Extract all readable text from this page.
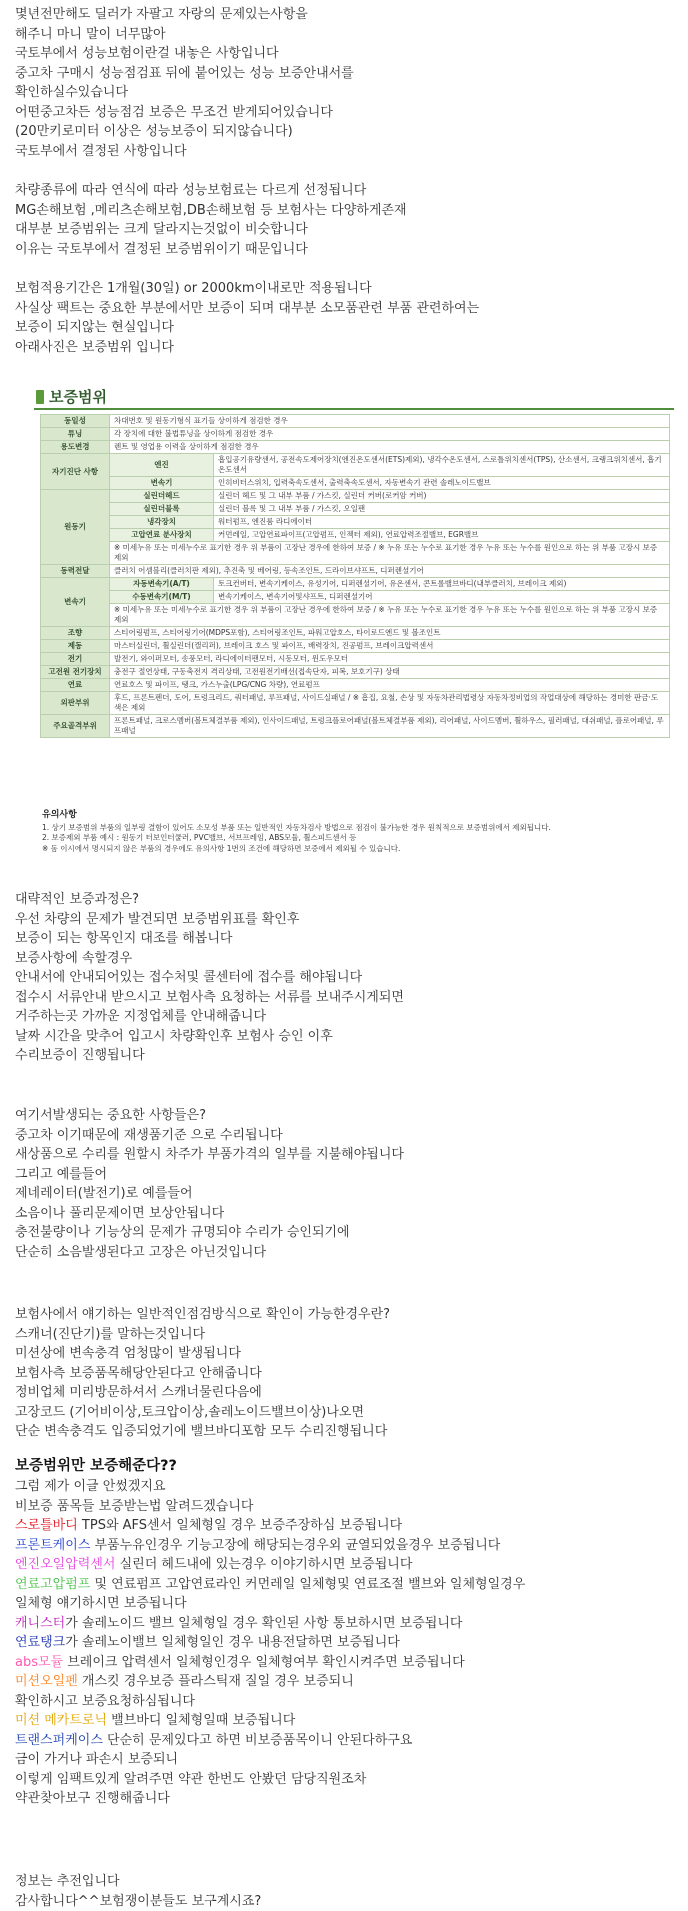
몇년전만해도 딜러가 자팔고 자랑의 문제있는사항을
해주니 마니 말이 너무많아
국토부에서 성능보험이란걸 내놓은 사항입니다
중고차 구매시 성능점검표 뒤에 붙어있는 성능 보증안내서를
확인하실수있습니다
어떤중고차든 성능점검 보증은 무조건 받게되어있습니다
(20만키로미터 이상은 성능보증이 되지않습니다)
국토부에서 결정된 사항입니다
차량종류에 따라 연식에 따라 성능보험료는 다르게 선정됩니다
MG손해보험 ,메리츠손해보험,DB손해보험 등 보험사는 다양하게존재
대부분 보증범위는 크게 달라지는것없이 비슷합니다
이유는 국토부에서 결정된 보증범위이기 때문입니다
보험적용기간은 1개월(30일) or 2000km이내로만 적용됩니다
사실상 팩트는 중요한 부분에서만 보증이 되며 대부분 소모품관련 부품 관련하여는
보증이 되지않는 현실입니다
아래사진은 보증범위 입니다
보증범위
동일성	차대번호 및 원동기형식 표기들 상이하게 점검한 경우	
튜닝	각 장치에 대한 불법튜닝을 상이하게 점검한 경우	
용도변경	렌트 및 영업용 이력을 상이하게 점검한 경우	
자기진단 사항	엔진	흡입공기유량센서, 공전속도제어장치(엔진온도센서(ETS)제외), 냉각수온도센서, 스로틀위치센서(TPS), 산소센서, 크랭크위치센서, 흡기온도센서
	변속기	인히비터스위치, 입력축속도센서, 출력축속도센서, 자동변속기 관련 솔레노이드밸브
원동기	실린더헤드	실린더 헤드 및 그 내부 부품 / 가스킷, 실린더 커버(로커암 커버)
	실린더블록	실린더 블록 및 그 내부 부품 / 가스킷, 오일팬
	냉각장치	워터펌프, 엔진룸 라디에이터
	고압연료 분사장치	커먼레일, 고압연료파이프(고압펌프, 인젝터 제외), 연료압력조절밸브, EGR밸브
	※ 미세누유 또는 미세누수로 표기한 경우 위 부품이 고장난 경우에 한하여 보증 / ※ 누유 또는 누수로 표기한 경우 누유 또는 누수를 원인으로 하는 위 부품 고장시 보증 제외	
동력전달	클러치 어셈블리(클러치판 제외), 추진축 및 베어링, 등속조인트, 드라이브샤프트, 디퍼렌셜기어	
변속기	자동변속기(A/T)	토크컨버터, 변속기케이스, 유성기어, 디퍼렌셜기어, 유온센서, 콘트롤밸브바디(내부클러치, 브레이크 제외)
	수동변속기(M/T)	변속기케이스, 변속기어및샤프트, 디퍼렌셜기어
	※ 미세누유 또는 미세누수로 표기한 경우 위 부품이 고장난 경우에 한하여 보증 / ※ 누유 또는 누수로 표기한 경우 누유 또는 누수를 원인으로 하는 위 부품 고장시 보증 제외	
조향	스티어링펌프, 스티어링기어(MDPS포함), 스티어링조인트, 파워고압호스, 타이로드엔드 및 볼조인트	
제동	마스터실린더, 휠실린더(캘리퍼), 브레이크 호스 및 파이프, 배력장치, 진공펌프, 브레이크압력센서	
전기	발전기, 와이퍼모터, 송풍모터, 라디에이터팬모터, 시동모터, 윈도우모터	
고전원 전기장치	충전구 절연상태, 구동축전지 격리상태, 고전원전기배선(접속단자, 피복, 보호기구) 상태	
연료	연료호스 및 파이프, 탱크, 가스누출(LPG/CNG 차량), 연료펌프	
외판부위	후드, 프론트펜더, 도어, 트렁크리드, 쿼터패널, 루프패널, 사이드실패널 / ※ 흠집, 요철, 손상 및 자동차관리법령상 자동차정비업의 작업대상에 해당하는 경미한 판금·도색은 제외	
주요골격부위	프론트패널, 크로스멤버(볼트체결부품 제외), 인사이드패널, 트렁크플로어패널(볼트체결부품 제외), 리어패널, 사이드멤버, 휠하우스, 필러패널, 대쉬패널, 플로어패널, 루프패널	
유의사항
1. 상기 보증범위 부품의 일부링 결함이 있어도 소모성 부품 또는 일반적인 자동차검사 방법으로 점검이 불가능한 경우 원칙적으로 보증범위에서 제외됩니다.
2. 보증제외 부품 예시 : 원동기 터보인터쿨러, PVC밸브, 서브프레임, ABS모듈, 휠스피드센서 등
※ 돔 이시에서 명시되지 않은 부품의 경우에도 유의사항 1번의 조건에 해당하면 보증에서 제외될 수 있습니다.
대략적인 보증과정은?
우선 차량의 문제가 발견되면 보증범위표를 확인후
보증이 되는 항목인지 대조를 해봅니다
보증사항에 속할경우
안내서에 안내되어있는 접수처및 콜센터에 접수를 해야됩니다
접수시 서류안내 받으시고 보험사측 요청하는 서류를 보내주시게되면
거주하는곳 가까운 지정업체를 안내해줍니다
날짜 시간을 맞추어 입고시 차량확인후 보험사 승인 이후
수리보증이 진행됩니다
여기서발생되는 중요한 사항들은?
중고차 이기때문에 재생품기준 으로 수리됩니다
새상품으로 수리를 원할시 차주가 부품가격의 일부를 지불해야됩니다
그리고 예를들어
제네레이터(발전기)로 예를들어
소음이나 풀리문제이면 보상안됩니다
충전불량이나 기능상의 문제가 규명되야 수리가 승인되기에
단순히 소음발생된다고 고장은 아닌것입니다
보험사에서 얘기하는 일반적인점검방식으로 확인이 가능한경우란?
스캐너(진단기)를 말하는것입니다
미션상에 변속충격 엄청많이 발생됩니다
보험사측 보증품목해당안된다고 안해줍니다
정비업체 미리방문하셔서 스캐너물린다음에
고장코드 (기어비이상,토크압이상,솔레노이드밸브이상)나오면
단순 변속충격도 입증되었기에 밸브바디포함 모두 수리진행됩니다
보증범위만 보증해준다??
그럼 제가 이글 안썼겠지요
비보증 품목들 보증받는법 알려드겠습니다
스로틀바디 TPS와 AFS센서 일체형일 경우 보증주장하심 보증됩니다
프론트케이스 부품누유인경우 기능고장에 해당되는경우외 균열되었을경우 보증됩니다
엔진오일압력센서 실린더 헤드내에 있는경우 이야기하시면 보증됩니다
연료고압펌프 및 연료펌프 고압연료라인 커먼레일 일체형및 연료조절 밸브와 일체형일경우
일체형 얘기하시면 보증됩니다
캐니스터가 솔레노이드 밸브 일체형일 경우 확인된 사항 통보하시면 보증됩니다
연료탱크가 솔레노이밸브 일체형일인 경우 내용전달하면 보증됩니다
abs모듈 브레이크 압력센서 일체형인경우 일체형여부 확인시켜주면 보증됩니다
미션오일펜 개스킷 경우보증 플라스틱재 질일 경우 보증되니
확인하시고 보증요청하심됩니다
미션 메카트로닉 밸브바디 일체형일때 보증됩니다
트랜스퍼케이스 단순히 문제있다고 하면 비보증품목이니 안된다하구요
금이 가거나 파손시 보증되니
이렇게 임팩트있게 알려주면 약관 한번도 안봤던 담당직원조차
약관찾아보구 진행해줍니다
정보는 추전입니다
감사합니다^^보험쟁이분들도 보구계시죠?
